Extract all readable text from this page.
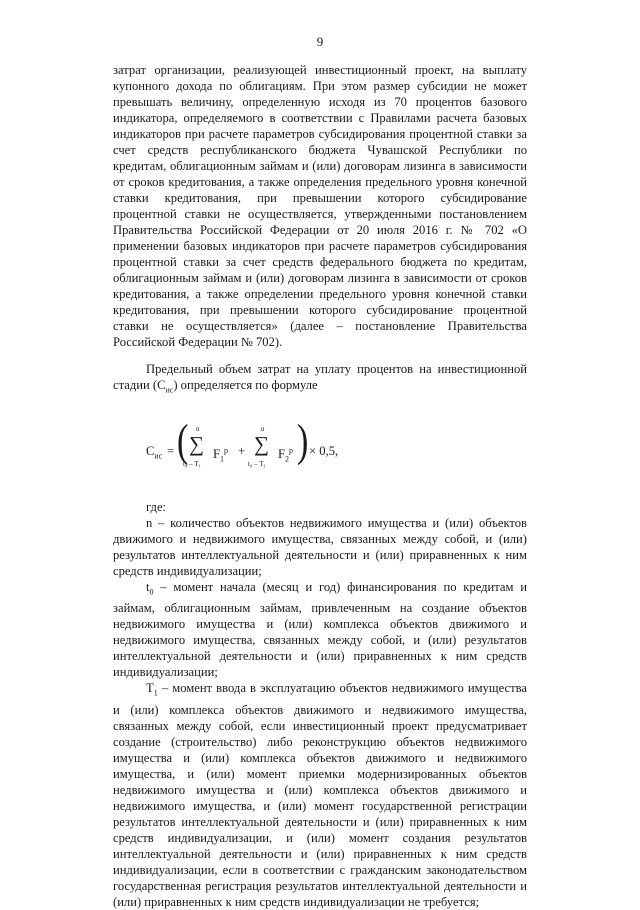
9

затрат организации, реализующей инвестиционный проект, на выплату купонного дохода по облигациям. При этом размер субсидии не может превышать величину, определенную исходя из 70 процентов базового индикатора, определяемого в соответствии с Правилами расчета базовых индикаторов при расчете параметров субсидирования процентной ставки за счет средств республиканского бюджета Чувашской Республики по кредитам, облигационным займам и (или) договорам лизинга в зависимости от сроков кредитования, а также определения предельного уровня конечной ставки кредитования, при превышении которого субсидирование процентной ставки не осуществляется, утвержденными постановлением Правительства Российской Федерации от 20 июля 2016 г. № 702 «О применении базовых индикаторов при расчете параметров субсидирования процентной ставки за счет средств федерального бюджета по кредитам, облигационным займам и (или) договорам лизинга в зависимости от сроков кредитования, а также определении предельного уровня конечной ставки кредитования, при превышении которого субсидирование процентной ставки не осуществляется» (далее – постановление Правительства Российской Федерации № 702).

Предельный объем затрат на уплату процентов на инвестиционной стадии $(С_{ис})$ определяется по формуле

$С_{ис}$ = ( n
∑
t₀ – T₁
$F_1^p$ +
n
∑
t₀ – T₁
$F_2^p$ ) × 0,5,

где:

n – количество объектов недвижимого имущества и (или) объектов движимого и недвижимого имущества, связанных между собой, и (или) результатов интеллектуальной деятельности и (или) приравненных к ним средств индивидуализации;

$t_0$ – момент начала (месяц и год) финансирования по кредитам и займам, облигационным займам, привлеченным на создание объектов недвижимого имущества и (или) комплекса объектов движимого и недвижимого имущества, связанных между собой, и (или) результатов интеллектуальной деятельности и (или) приравненных к ним средств индивидуализации;

$T_1$ – момент ввода в эксплуатацию объектов недвижимого имущества и (или) комплекса объектов движимого и недвижимого имущества, связанных между собой, если инвестиционный проект предусматривает создание (строительство) либо реконструкцию объектов недвижимого имущества и (или) комплекса объектов движимого и недвижимого имущества, и (или) момент приемки модернизированных объектов недвижимого имущества и (или) комплекса объектов движимого и недвижимого имущества, и (или) момент государственной регистрации результатов интеллектуальной деятельности и (или) приравненных к ним средств индивидуализации, и (или) момент создания результатов интеллектуальной деятельности и (или) приравненных к ним средств индивидуализации, если в соответствии с гражданским законодательством государственная регистрация результатов интеллектуальной деятельности и (или) приравненных к ним средств индивидуализации не требуется;
